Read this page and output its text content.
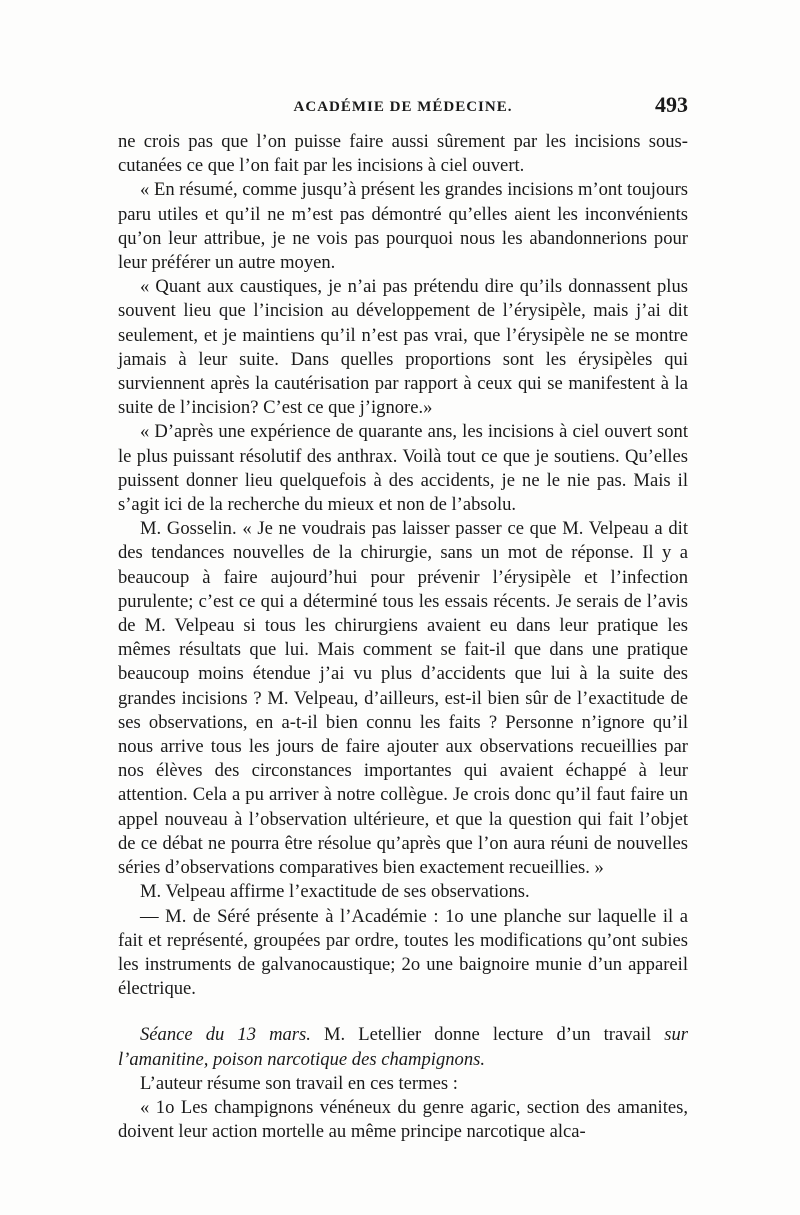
ACADÉMIE DE MÉDECINE.	493

ne crois pas que l’on puisse faire aussi sûrement par les incisions sous-cutanées ce que l’on fait par les incisions à ciel ouvert.

« En résumé, comme jusqu’à présent les grandes incisions m’ont toujours paru utiles et qu’il ne m’est pas démontré qu’elles aient les inconvénients qu’on leur attribue, je ne vois pas pourquoi nous les abandonnerions pour leur préférer un autre moyen.

« Quant aux caustiques, je n’ai pas prétendu dire qu’ils donnassent plus souvent lieu que l’incision au développement de l’érysipèle, mais j’ai dit seulement, et je maintiens qu’il n’est pas vrai, que l’érysipèle ne se montre jamais à leur suite. Dans quelles proportions sont les érysipèles qui surviennent après la cautérisation par rapport à ceux qui se manifestent à la suite de l’incision? C’est ce que j’ignore.»

« D’après une expérience de quarante ans, les incisions à ciel ouvert sont le plus puissant résolutif des anthrax. Voilà tout ce que je soutiens. Qu’elles puissent donner lieu quelquefois à des accidents, je ne le nie pas. Mais il s’agit ici de la recherche du mieux et non de l’absolu.

M. Gosselin. « Je ne voudrais pas laisser passer ce que M. Velpeau a dit des tendances nouvelles de la chirurgie, sans un mot de réponse. Il y a beaucoup à faire aujourd’hui pour prévenir l’érysipèle et l’infection purulente; c’est ce qui a déterminé tous les essais récents. Je serais de l’avis de M. Velpeau si tous les chirurgiens avaient eu dans leur pratique les mêmes résultats que lui. Mais comment se fait-il que dans une pratique beaucoup moins étendue j’ai vu plus d’accidents que lui à la suite des grandes incisions ? M. Velpeau, d’ailleurs, est-il bien sûr de l’exactitude de ses observations, en a-t-il bien connu les faits ? Personne n’ignore qu’il nous arrive tous les jours de faire ajouter aux observations recueillies par nos élèves des circonstances importantes qui avaient échappé à leur attention. Cela a pu arriver à notre collègue. Je crois donc qu’il faut faire un appel nouveau à l’observation ultérieure, et que la question qui fait l’objet de ce débat ne pourra être résolue qu’après que l’on aura réuni de nouvelles séries d’observations comparatives bien exactement recueillies. »

M. Velpeau affirme l’exactitude de ses observations.

— M. de Séré présente à l’Académie : 1o une planche sur laquelle il a fait et représenté, groupées par ordre, toutes les modifications qu’ont subies les instruments de galvanocaustique; 2o une baignoire munie d’un appareil électrique.

Séance du 13 mars. M. Letellier donne lecture d’un travail sur l’amanitine, poison narcotique des champignons.

L’auteur résume son travail en ces termes :

« 1o Les champignons vénéneux du genre agaric, section des amanites, doivent leur action mortelle au même principe narcotique alca-
